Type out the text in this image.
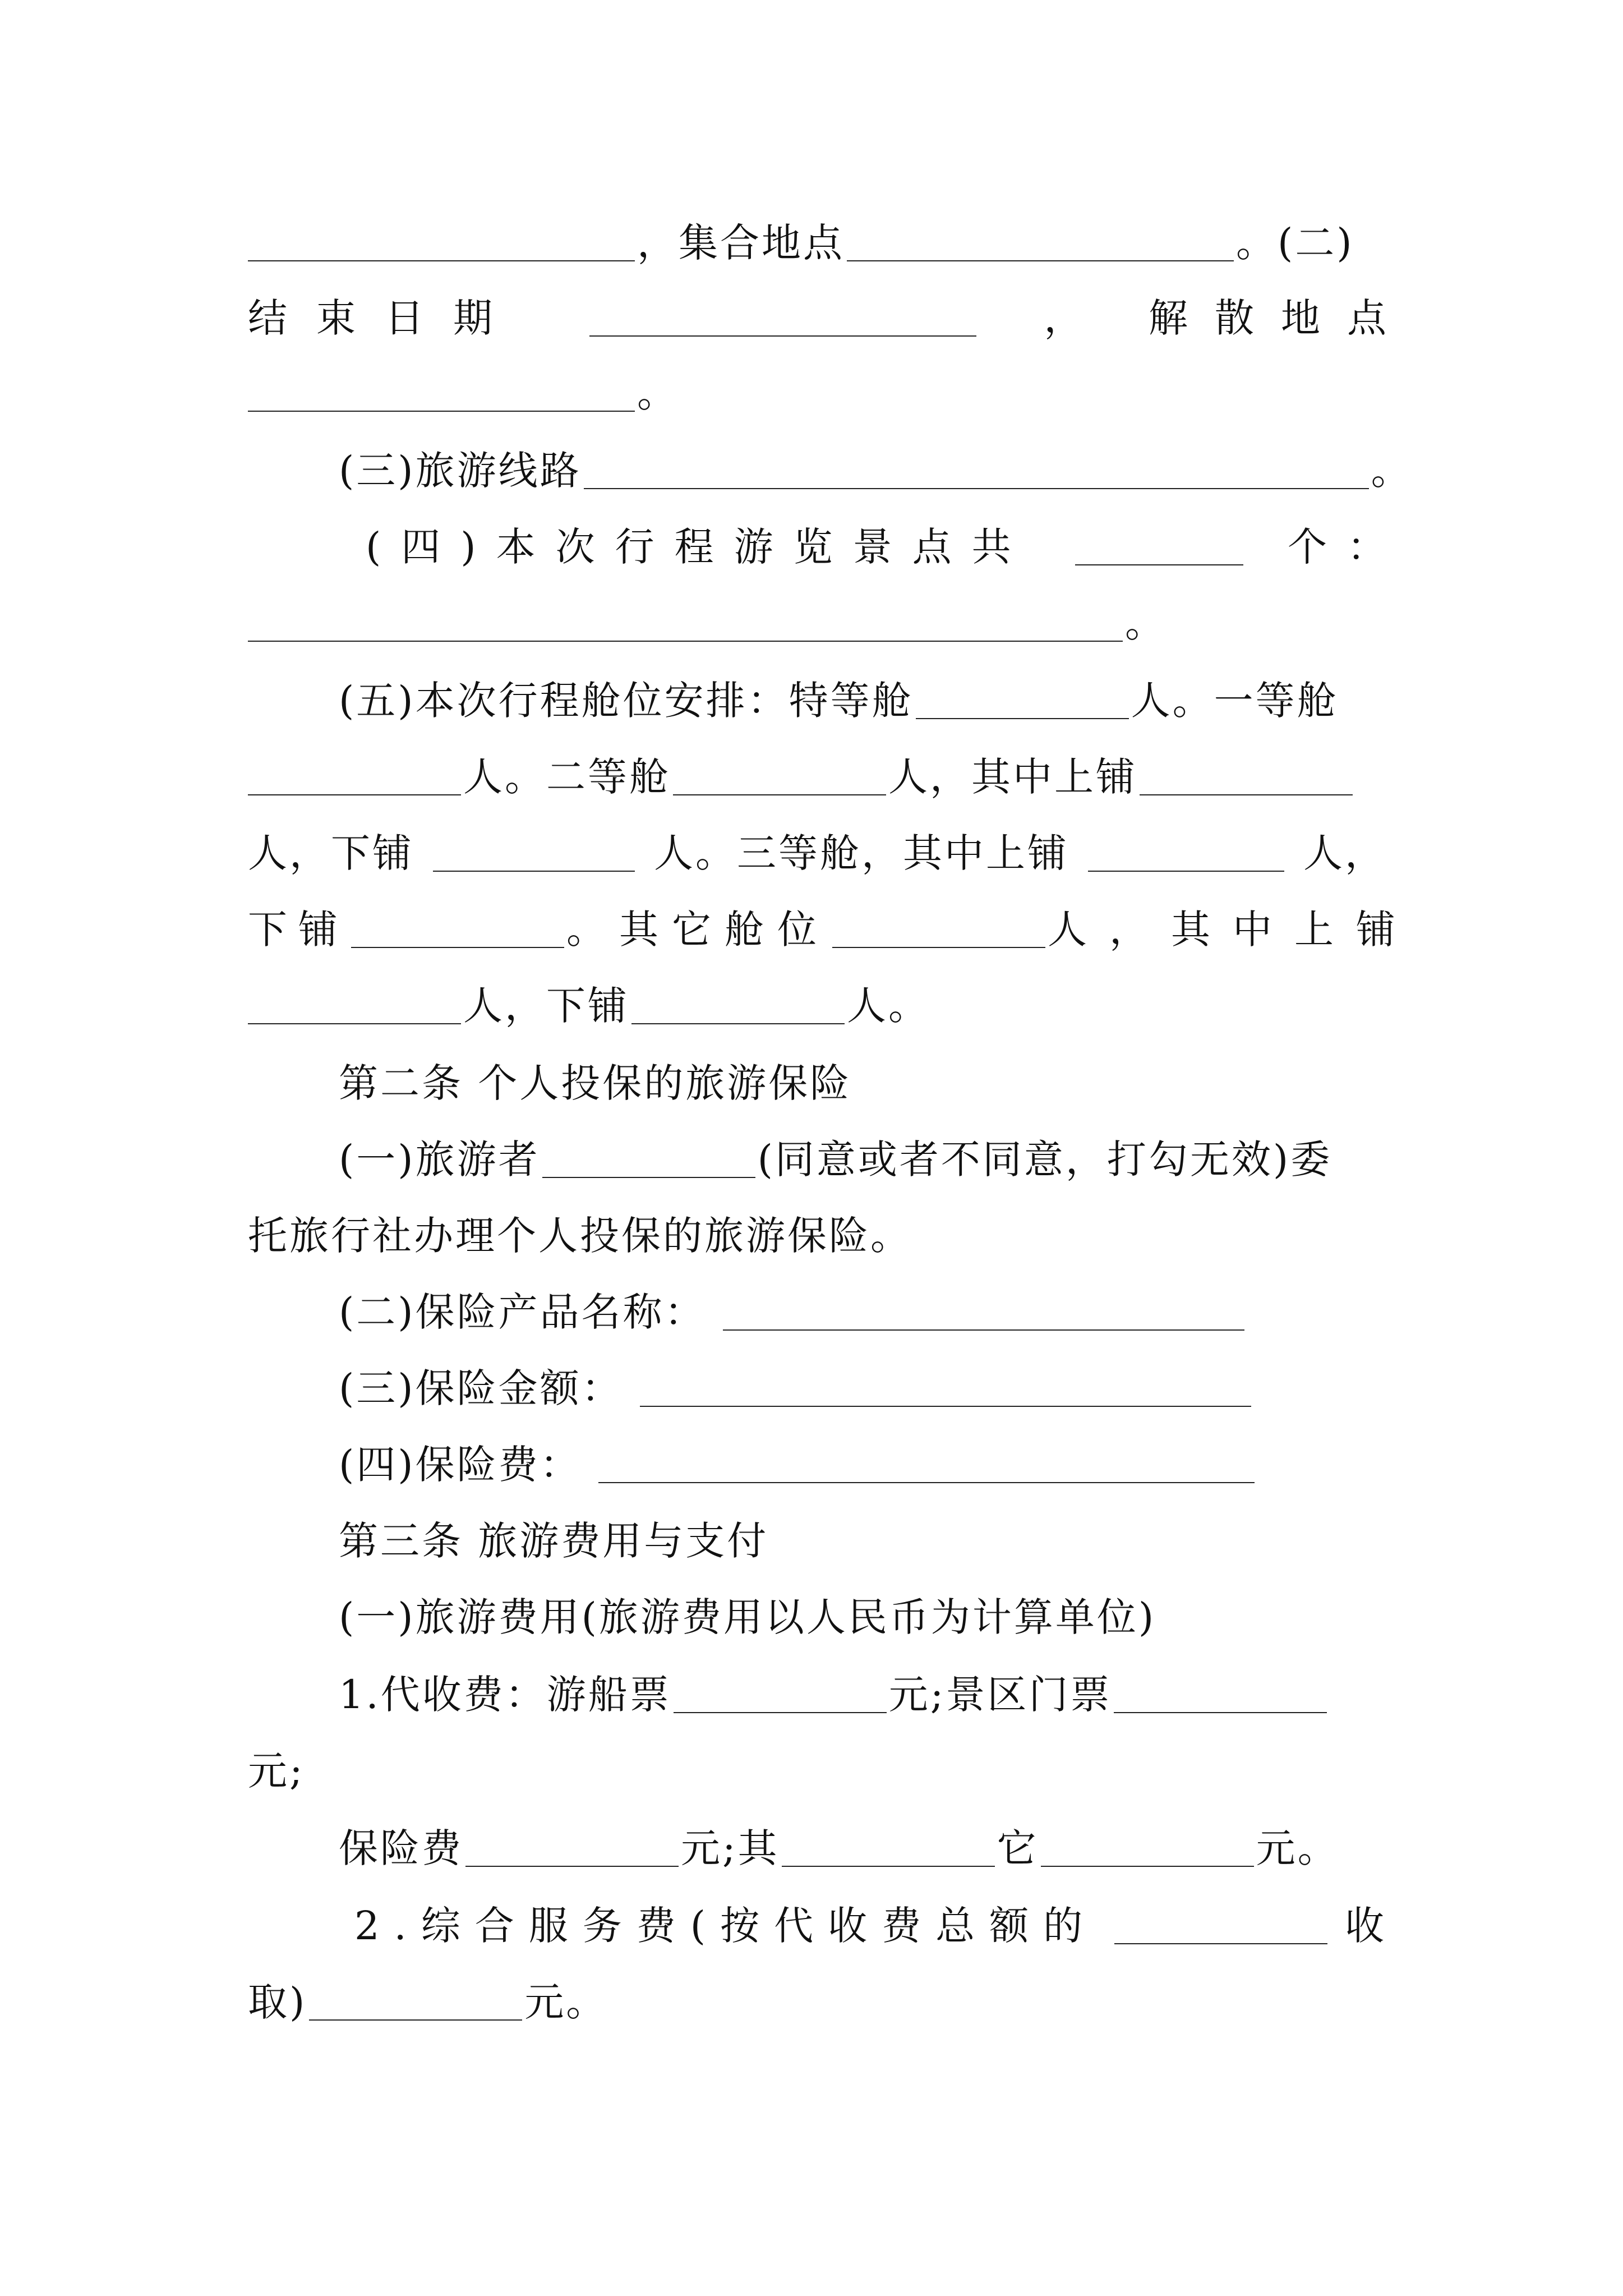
，集合地点	。(二)
结束日期	， 解散地点
。
(三)旅游线路	。
(四)本次行程游览景点共	个：
。
(五)本次行程舱位安排：特等舱	人。一等舱
人。二等舱	人，其中上铺
人，下铺	人。三等舱，其中上铺	人，
下铺	。其它舱位	人，其中上铺
人，下铺	人。
第二条 个人投保的旅游保险
(一)旅游者	(同意或者不同意，打勾无效)委
托旅行社办理个人投保的旅游保险。
(二)保险产品名称：
(三)保险金额：
(四)保险费：
第三条 旅游费用与支付
(一)旅游费用(旅游费用以人民币为计算单位)
1.代收费：游船票	元;景区门票
元;
保险费	元;其	它	元。
2.综合服务费(按代收费总额的	收
取)	元。
